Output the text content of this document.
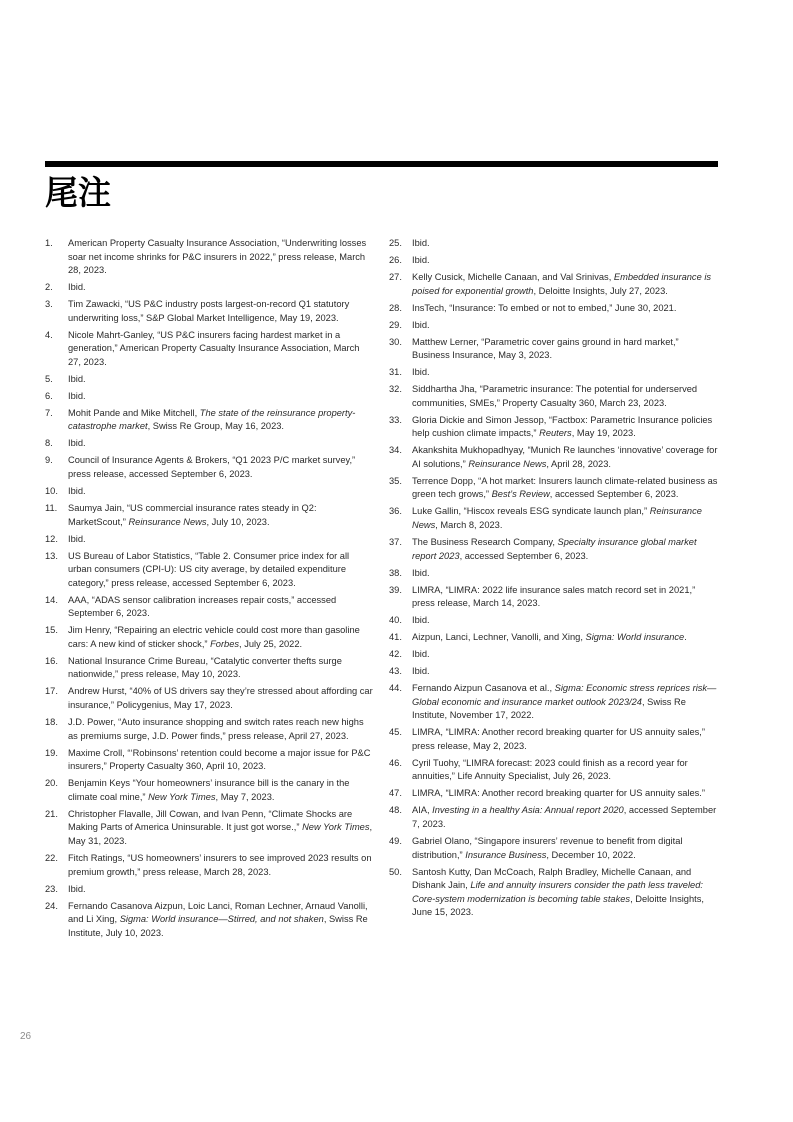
尾注
1. American Property Casualty Insurance Association, “Underwriting losses soar net income shrinks for P&C insurers in 2022,” press release, March 28, 2023.
2. Ibid.
3. Tim Zawacki, “US P&C industry posts largest-on-record Q1 statutory underwriting loss,” S&P Global Market Intelligence, May 19, 2023.
4. Nicole Mahrt-Ganley, “US P&C insurers facing hardest market in a generation,” American Property Casualty Insurance Association, March 27, 2023.
5. Ibid.
6. Ibid.
7. Mohit Pande and Mike Mitchell, The state of the reinsurance property-catastrophe market, Swiss Re Group, May 16, 2023.
8. Ibid.
9. Council of Insurance Agents & Brokers, “Q1 2023 P/C market survey,” press release, accessed September 6, 2023.
10. Ibid.
11. Saumya Jain, “US commercial insurance rates steady in Q2: MarketScout,” Reinsurance News, July 10, 2023.
12. Ibid.
13. US Bureau of Labor Statistics, “Table 2. Consumer price index for all urban consumers (CPI-U): US city average, by detailed expenditure category,” press release, accessed September 6, 2023.
14. AAA, “ADAS sensor calibration increases repair costs,” accessed September 6, 2023.
15. Jim Henry, “Repairing an electric vehicle could cost more than gasoline cars: A new kind of sticker shock,” Forbes, July 25, 2022.
16. National Insurance Crime Bureau, “Catalytic converter thefts surge nationwide,” press release, May 10, 2023.
17. Andrew Hurst, “40% of US drivers say they’re stressed about affording car insurance,” Policygenius, May 17, 2023.
18. J.D. Power, “Auto insurance shopping and switch rates reach new highs as premiums surge, J.D. Power finds,” press release, April 27, 2023.
19. Maxime Croll, “‘Robinsons’ retention could become a major issue for P&C insurers,” Property Casualty 360, April 10, 2023.
20. Benjamin Keys “Your homeowners’ insurance bill is the canary in the climate coal mine,” New York Times, May 7, 2023.
21. Christopher Flavalle, Jill Cowan, and Ivan Penn, “Climate Shocks are Making Parts of America Uninsurable. It just got worse.,” New York Times, May 31, 2023.
22. Fitch Ratings, “US homeowners’ insurers to see improved 2023 results on premium growth,” press release, March 28, 2023.
23. Ibid.
24. Fernando Casanova Aizpun, Loic Lanci, Roman Lechner, Arnaud Vanolli, and Li Xing, Sigma: World insurance—Stirred, and not shaken, Swiss Re Institute, July 10, 2023.
25. Ibid.
26. Ibid.
27. Kelly Cusick, Michelle Canaan, and Val Srinivas, Embedded insurance is poised for exponential growth, Deloitte Insights, July 27, 2023.
28. InsTech, “Insurance: To embed or not to embed,” June 30, 2021.
29. Ibid.
30. Matthew Lerner, “Parametric cover gains ground in hard market,” Business Insurance, May 3, 2023.
31. Ibid.
32. Siddhartha Jha, “Parametric insurance: The potential for underserved communities, SMEs,” Property Casualty 360, March 23, 2023.
33. Gloria Dickie and Simon Jessop, “Factbox: Parametric Insurance policies help cushion climate impacts,” Reuters, May 19, 2023.
34. Akankshita Mukhopadhyay, “Munich Re launches ‘innovative’ coverage for AI solutions,” Reinsurance News, April 28, 2023.
35. Terrence Dopp, “A hot market: Insurers launch climate-related business as green tech grows,” Best’s Review, accessed September 6, 2023.
36. Luke Gallin, “Hiscox reveals ESG syndicate launch plan,” Reinsurance News, March 8, 2023.
37. The Business Research Company, Specialty insurance global market report 2023, accessed September 6, 2023.
38. Ibid.
39. LIMRA, “LIMRA: 2022 life insurance sales match record set in 2021,” press release, March 14, 2023.
40. Ibid.
41. Aizpun, Lanci, Lechner, Vanolli, and Xing, Sigma: World insurance.
42. Ibid.
43. Ibid.
44. Fernando Aizpun Casanova et al., Sigma: Economic stress reprices risk—Global economic and insurance market outlook 2023/24, Swiss Re Institute, November 17, 2022.
45. LIMRA, “LIMRA: Another record breaking quarter for US annuity sales,” press release, May 2, 2023.
46. Cyril Tuohy, “LIMRA forecast: 2023 could finish as a record year for annuities,” Life Annuity Specialist, July 26, 2023.
47. LIMRA, “LIMRA: Another record breaking quarter for US annuity sales.”
48. AIA, Investing in a healthy Asia: Annual report 2020, accessed September 7, 2023.
49. Gabriel Olano, “Singapore insurers’ revenue to benefit from digital distribution,” Insurance Business, December 10, 2022.
50. Santosh Kutty, Dan McCoach, Ralph Bradley, Michelle Canaan, and Dishank Jain, Life and annuity insurers consider the path less traveled: Core-system modernization is becoming table stakes, Deloitte Insights, June 15, 2023.
26
